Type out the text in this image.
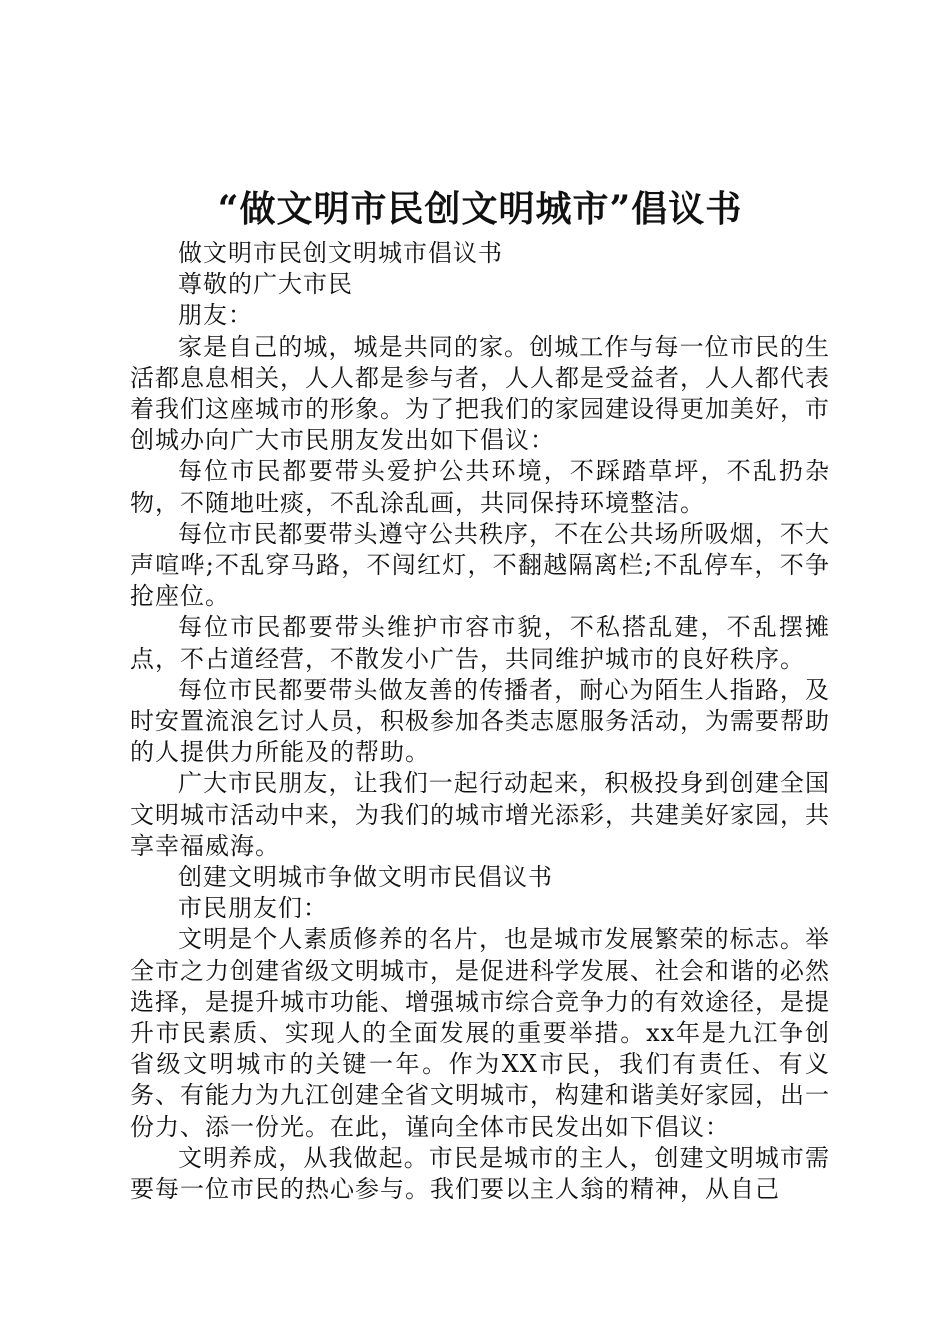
“做文明市民创文明城市”倡议书

做文明市民创文明城市倡议书

尊敬的广大市民

朋友：

家是自己的城，城是共同的家。创城工作与每一位市民的生活都息息相关，人人都是参与者，人人都是受益者，人人都代表着我们这座城市的形象。为了把我们的家园建设得更加美好，市创城办向广大市民朋友发出如下倡议：

每位市民都要带头爱护公共环境，不踩踏草坪，不乱扔杂物，不随地吐痰，不乱涂乱画，共同保持环境整洁。

每位市民都要带头遵守公共秩序，不在公共场所吸烟，不大声喧哗;不乱穿马路，不闯红灯，不翻越隔离栏;不乱停车，不争抢座位。

每位市民都要带头维护市容市貌，不私搭乱建，不乱摆摊点，不占道经营，不散发小广告，共同维护城市的良好秩序。

每位市民都要带头做友善的传播者，耐心为陌生人指路，及时安置流浪乞讨人员，积极参加各类志愿服务活动，为需要帮助的人提供力所能及的帮助。

广大市民朋友，让我们一起行动起来，积极投身到创建全国文明城市活动中来，为我们的城市增光添彩，共建美好家园，共享幸福威海。

创建文明城市争做文明市民倡议书

市民朋友们：

文明是个人素质修养的名片，也是城市发展繁荣的标志。举全市之力创建省级文明城市，是促进科学发展、社会和谐的必然选择，是提升城市功能、增强城市综合竞争力的有效途径，是提升市民素质、实现人的全面发展的重要举措。xx年是九江争创省级文明城市的关键一年。作为XX市民，我们有责任、有义务、有能力为九江创建全省文明城市，构建和谐美好家园，出一份力、添一份光。在此，谨向全体市民发出如下倡议：

文明养成，从我做起。市民是城市的主人，创建文明城市需要每一位市民的热心参与。我们要以主人翁的精神，从自己
